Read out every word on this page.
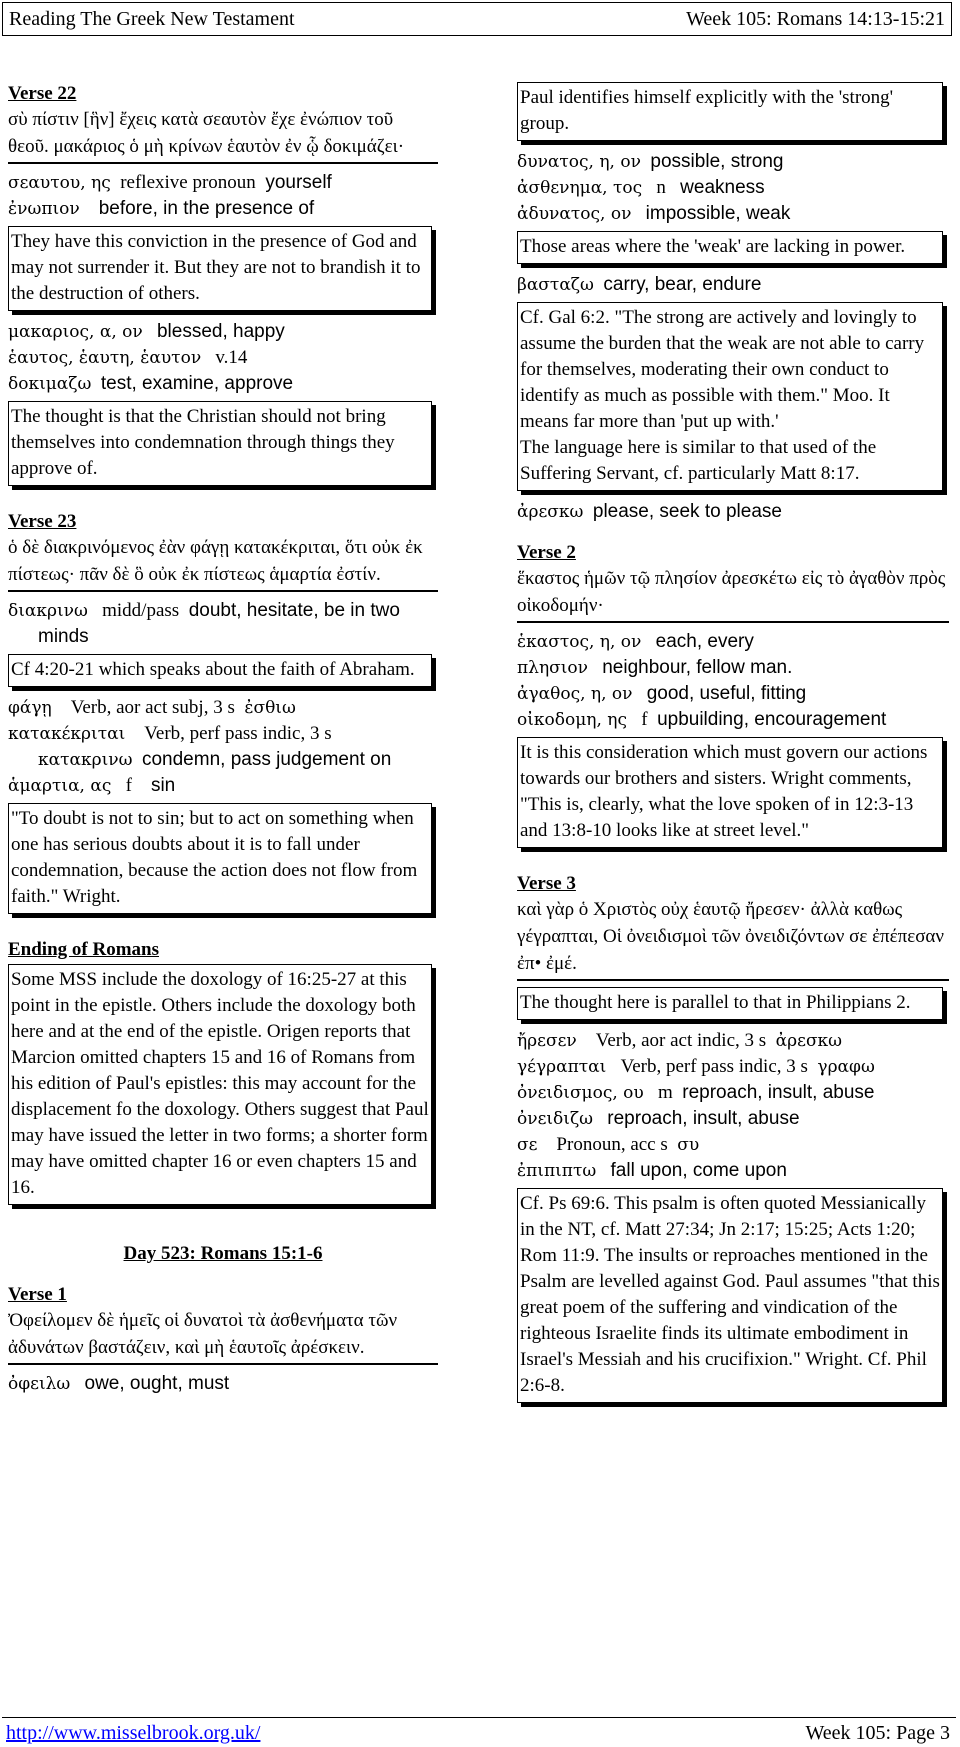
Reading The Greek New Testament	Week 105: Romans 14:13-15:21
Verse 22
σὺ πίστιν [ἣν] ἔχεις κατὰ σεαυτὸν ἔχε ἐνώπιον τοῦ θεοῦ. μακάριος ὁ μὴ κρίνων ἑαυτὸν ἐν ᾧ δοκιμάζει·
σεαυτου, ης reflexive pronoun yourself
ἐνωπιον before, in the presence of
They have this conviction in the presence of God and may not surrender it. But they are not to brandish it to the destruction of others.
μακαριος, α, ον blessed, happy
ἑαυτος, ἑαυτη, ἑαυτον v.14
δοκιμαζω test, examine, approve
The thought is that the Christian should not bring themselves into condemnation through things they approve of.
Verse 23
ὁ δὲ διακρινόμενος ἐὰν φάγῃ κατακέκριται, ὅτι οὐκ ἐκ πίστεως· πᾶν δὲ ὃ οὐκ ἐκ πίστεως ἁμαρτία ἐστίν.
διακρινω midd/pass doubt, hesitate, be in two minds
Cf 4:20-21 which speaks about the faith of Abraham.
φάγῃ Verb, aor act subj, 3 s ἐσθιω
κατακέκριται Verb, perf pass indic, 3 s
κατακρινω condemn, pass judgement on
ἁμαρτια, ας f sin
"To doubt is not to sin; but to act on something when one has serious doubts about it is to fall under condemnation, because the action does not flow from faith." Wright.
Ending of Romans
Some MSS include the doxology of 16:25-27 at this point in the epistle. Others include the doxology both here and at the end of the epistle. Origen reports that Marcion omitted chapters 15 and 16 of Romans from his edition of Paul's epistles: this may account for the displacement fo the doxology. Others suggest that Paul may have issued the letter in two forms; a shorter form may have omitted chapter 16 or even chapters 15 and 16.
Day 523: Romans 15:1-6
Verse 1
Ὀφείλομεν δὲ ἡμεῖς οἱ δυνατοὶ τὰ ἀσθενήματα τῶν ἀδυνάτων βαστάζειν, καὶ μὴ ἑαυτοῖς ἀρέσκειν.
ὀφειλω owe, ought, must
Paul identifies himself explicitly with the 'strong' group.
δυνατος, η, ον possible, strong
ἀσθενημα, τος n weakness
ἀδυνατος, ον impossible, weak
Those areas where the 'weak' are lacking in power.
βασταζω carry, bear, endure
Cf. Gal 6:2. "The strong are actively and lovingly to assume the burden that the weak are not able to carry for themselves, moderating their own conduct to identify as much as possible with them." Moo. It means far more than 'put up with.'
The language here is similar to that used of the Suffering Servant, cf. particularly Matt 8:17.
ἀρεσκω please, seek to please
Verse 2
ἕκαστος ἡμῶν τῷ πλησίον ἀρεσκέτω εἰς τὸ ἀγαθὸν πρὸς οἰκοδομήν·
ἑκαστος, η, ον each, every
πλησιον neighbour, fellow man.
ἀγαθος, η, ον good, useful, fitting
οἰκοδομη, ης f upbuilding, encouragement
It is this consideration which must govern our actions towards our brothers and sisters. Wright comments, "This is, clearly, what the love spoken of in 12:3-13 and 13:8-10 looks like at street level."
Verse 3
καὶ γὰρ ὁ Χριστὸς οὐχ ἑαυτῷ ἤρεσεν· ἀλλὰ καθως γέγραπται, Οἱ ὀνειδισμοὶ τῶν ὀνειδιζόντων σε ἐπέπεσαν ἐπ• ἐμέ.
The thought here is parallel to that in Philippians 2.
ἤρεσεν Verb, aor act indic, 3 s ἀρεσκω
γέγραπται Verb, perf pass indic, 3 s γραφω
ὀνειδισμος, ου m reproach, insult, abuse
ὀνειδιζω reproach, insult, abuse
σε Pronoun, acc s συ
ἐπιπιπτω fall upon, come upon
Cf. Ps 69:6. This psalm is often quoted Messianically in the NT, cf. Matt 27:34; Jn 2:17; 15:25; Acts 1:20; Rom 11:9. The insults or reproaches mentioned in the Psalm are levelled against God. Paul assumes "that this great poem of the suffering and vindication of the righteous Israelite finds its ultimate embodiment in Israel's Messiah and his crucifixion." Wright. Cf. Phil 2:6-8.
http://www.misselbrook.org.uk/	Week 105: Page 3
